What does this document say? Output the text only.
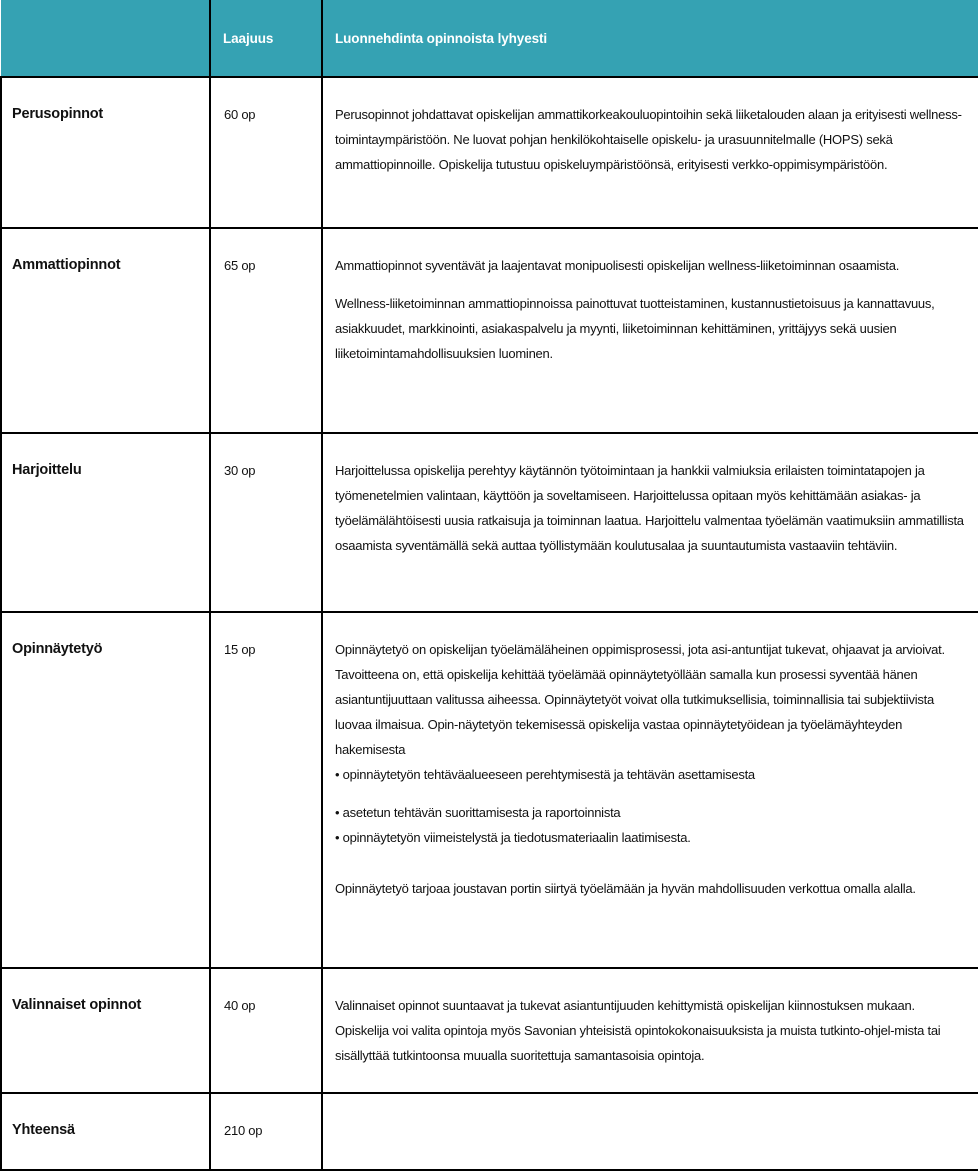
	Laajuus	Luonnehdinta opinnoista lyhyesti
Perusopinnot	60 op	Perusopinnot johdattavat opiskelijan ammattikorkeakouluopintoihin sekä liiketalouden alaan ja erityisesti wellness-toimintaympäristöön. Ne luovat pohjan henkilökohtaiselle opiskelu- ja urasuunnitelmalle (HOPS) sekä ammattiopinnoille. Opiskelija tutustuu opiskeluympäristöönsä, erityisesti verkko-oppimisympäristöön.

Ammattiopinnot	65 op	Ammattiopinnot syventävät ja laajentavat monipuolisesti opiskelijan wellness-liiketoiminnan osaamista.
Wellness-liiketoiminnan ammattiopinnoissa painottuvat tuotteistaminen, kustannustietoisuus ja kannattavuus, asiakkuudet, markkinointi, asiakaspalvelu ja myynti, liiketoiminnan kehittäminen, yrittäjyys sekä uusien liiketoimintamahdollisuuksien luominen.

Harjoittelu	30 op	Harjoittelussa opiskelija perehtyy käytännön työtoimintaan ja hankkii valmiuksia erilaisten toimintatapojen ja työmenetelmien valintaan, käyttöön ja soveltamiseen. Harjoittelussa opitaan myös kehittämään asiakas- ja työelämälähtöisesti uusia ratkaisuja ja toiminnan laatua. Harjoittelu valmentaa työelämän vaatimuksiin ammatillista osaamista syventämällä sekä auttaa työllistymään koulutusalaa ja suuntautumista vastaaviin tehtäviin.

Opinnäytetyö	15 op	Opinnäytetyö on opiskelijan työelämäläheinen oppimisprosessi, jota asi-antuntijat tukevat, ohjaavat ja arvioivat. Tavoitteena on, että opiskelija kehittää työelämää opinnäytetyöllään samalla kun prosessi syventää hänen asiantuntijuuttaan valitussa aiheessa. Opinnäytetyöt voivat olla tutkimuksellisia, toiminnallisia tai subjektiivista luovaa ilmaisua. Opin-näytetyön tekemisessä opiskelija vastaa opinnäytetyöidean ja työelämäyhteyden hakemisesta
• opinnäytetyön tehtäväalueeseen perehtymisestä ja tehtävän asettamisesta
• asetetun tehtävän suorittamisesta ja raportoinnista
• opinnäytetyön viimeistelystä ja tiedotusmateriaalin laatimisesta.
Opinnäytetyö tarjoaa joustavan portin siirtyä työelämään ja hyvän mahdollisuuden verkottua omalla alalla.

Valinnaiset opinnot	40 op	Valinnaiset opinnot suuntaavat ja tukevat asiantuntijuuden kehittymistä opiskelijan kiinnostuksen mukaan. Opiskelija voi valita opintoja myös Savonian yhteisistä opintokokonaisuuksista ja muista tutkinto-ohjel-mista tai sisällyttää tutkintoonsa muualla suoritettuja samantasoisia opintoja.

Yhteensä	210 op	
